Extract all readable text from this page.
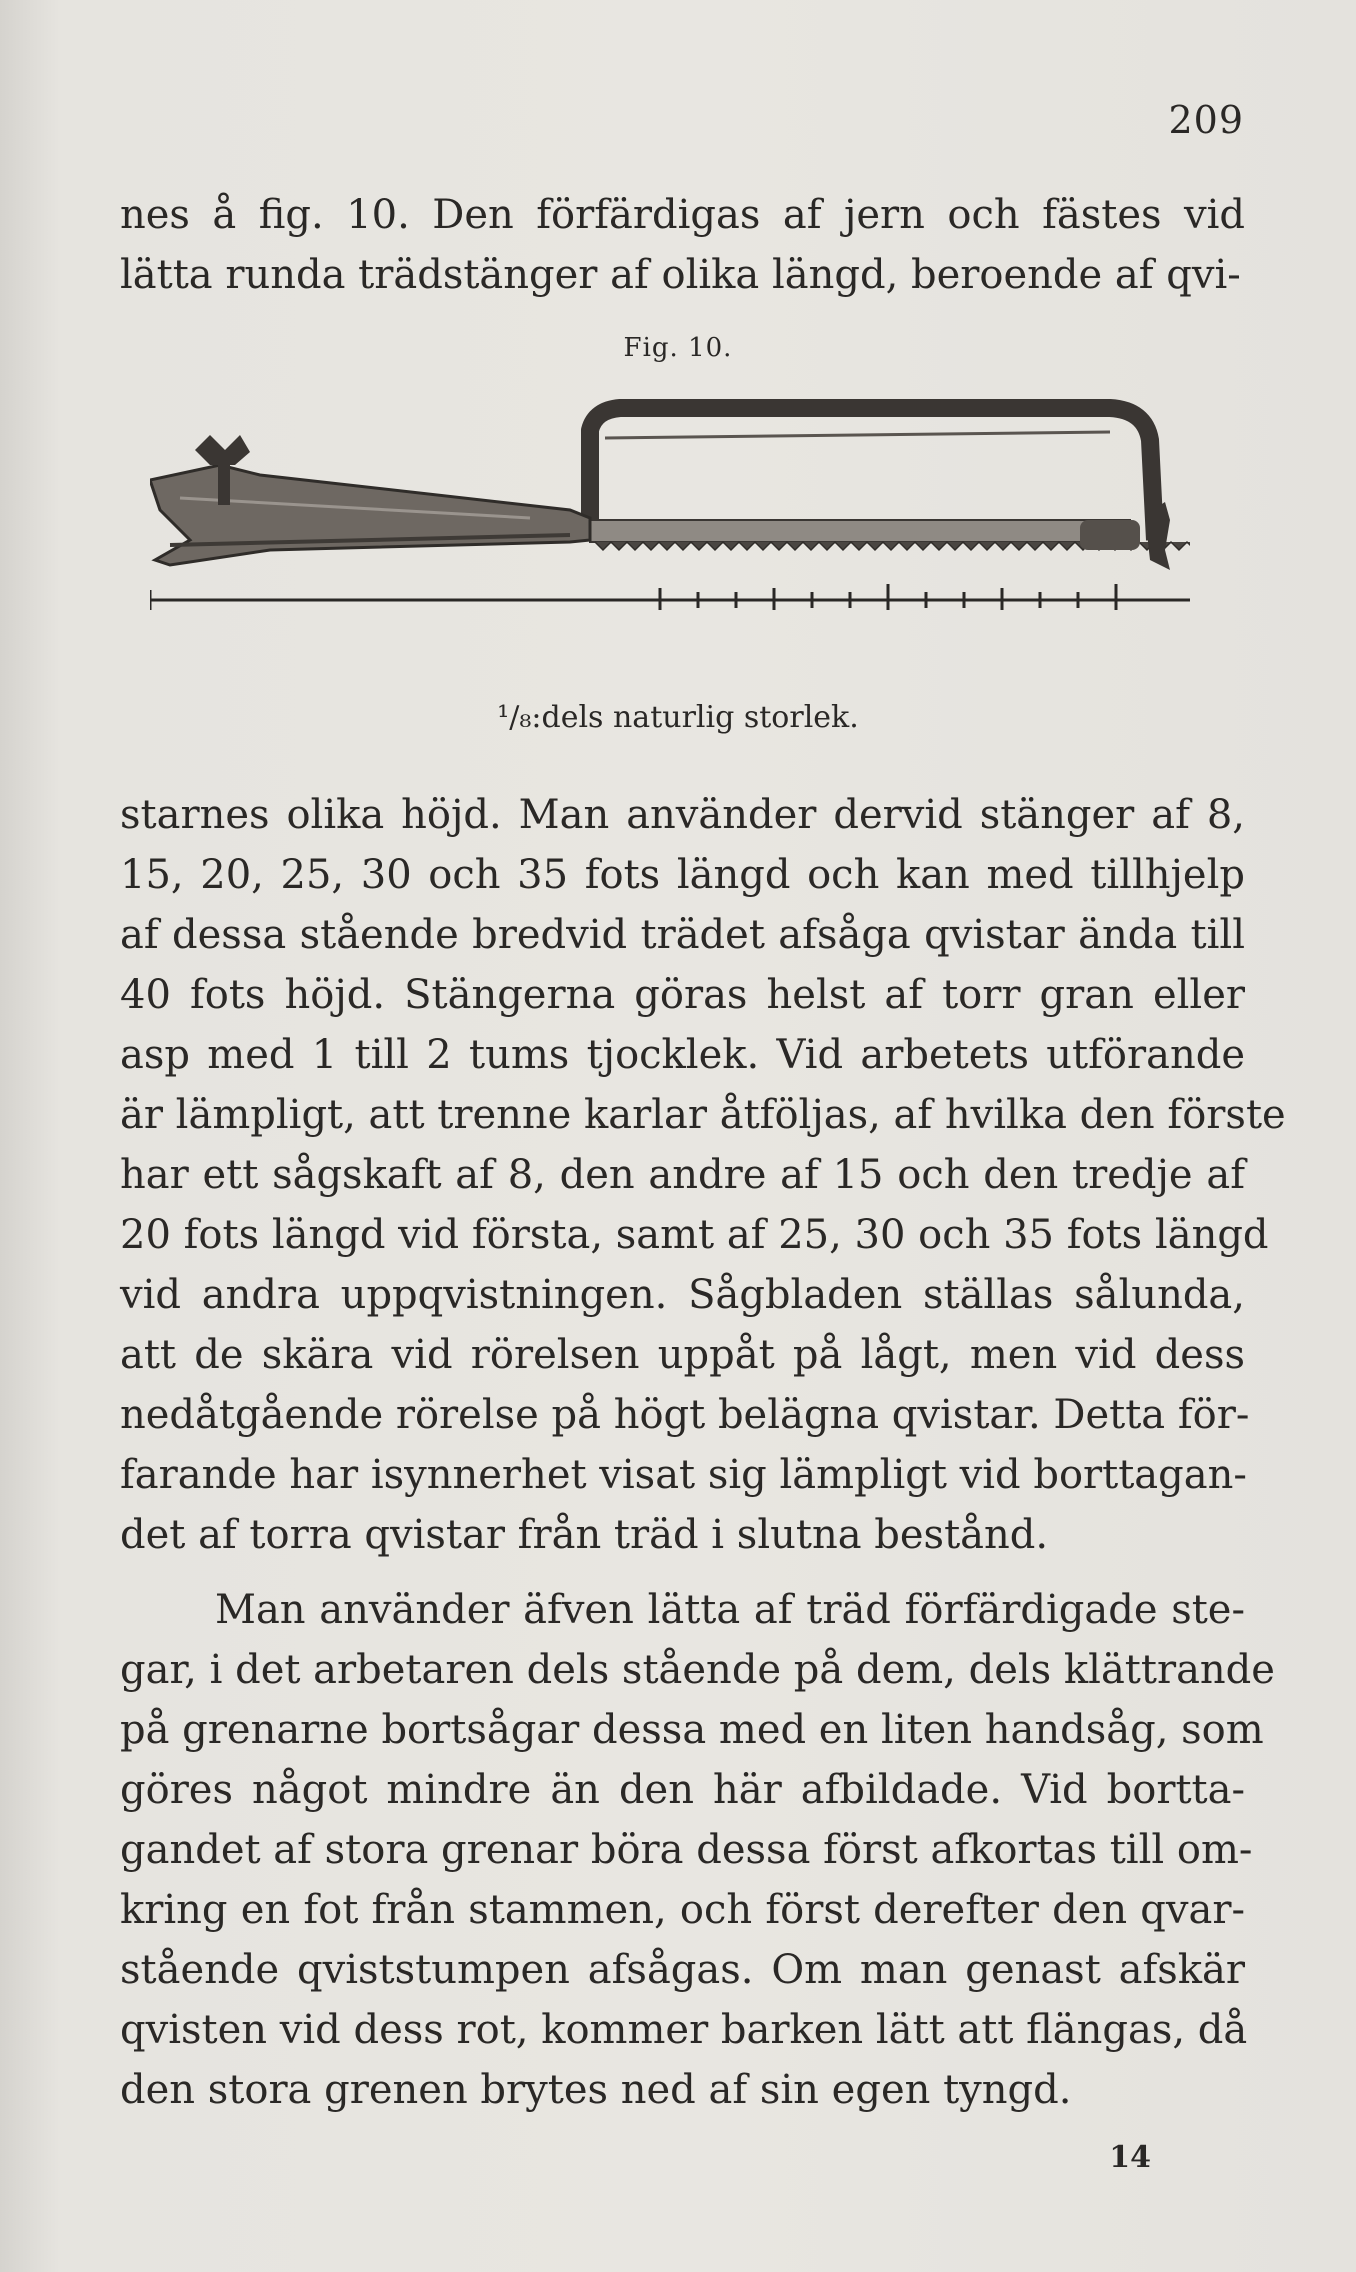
209
nes å fig. 10. Den förfärdigas af jern och fästes vid
lätta runda trädstänger af olika längd, beroende af qvi-
Fig. 10.
¹/₈:dels naturlig storlek.
starnes olika höjd. Man använder dervid stänger af 8,
15, 20, 25, 30 och 35 fots längd och kan med tillhjelp
af dessa stående bredvid trädet afsåga qvistar ända till
40 fots höjd. Stängerna göras helst af torr gran eller
asp med 1 till 2 tums tjocklek. Vid arbetets utförande
är lämpligt, att trenne karlar åtföljas, af hvilka den förste
har ett sågskaft af 8, den andre af 15 och den tredje af
20 fots längd vid första, samt af 25, 30 och 35 fots längd
vid andra uppqvistningen. Sågbladen ställas sålunda,
att de skära vid rörelsen uppåt på lågt, men vid dess
nedåtgående rörelse på högt belägna qvistar. Detta för-
farande har isynnerhet visat sig lämpligt vid borttagan-
det af torra qvistar från träd i slutna bestånd.
Man använder äfven lätta af träd förfärdigade ste-
gar, i det arbetaren dels stående på dem, dels klättrande
på grenarne bortsågar dessa med en liten handsåg, som
göres något mindre än den här afbildade. Vid bortta-
gandet af stora grenar böra dessa först afkortas till om-
kring en fot från stammen, och först derefter den qvar-
stående qviststumpen afsågas. Om man genast afskär
qvisten vid dess rot, kommer barken lätt att flängas, då
den stora grenen brytes ned af sin egen tyngd.
14
